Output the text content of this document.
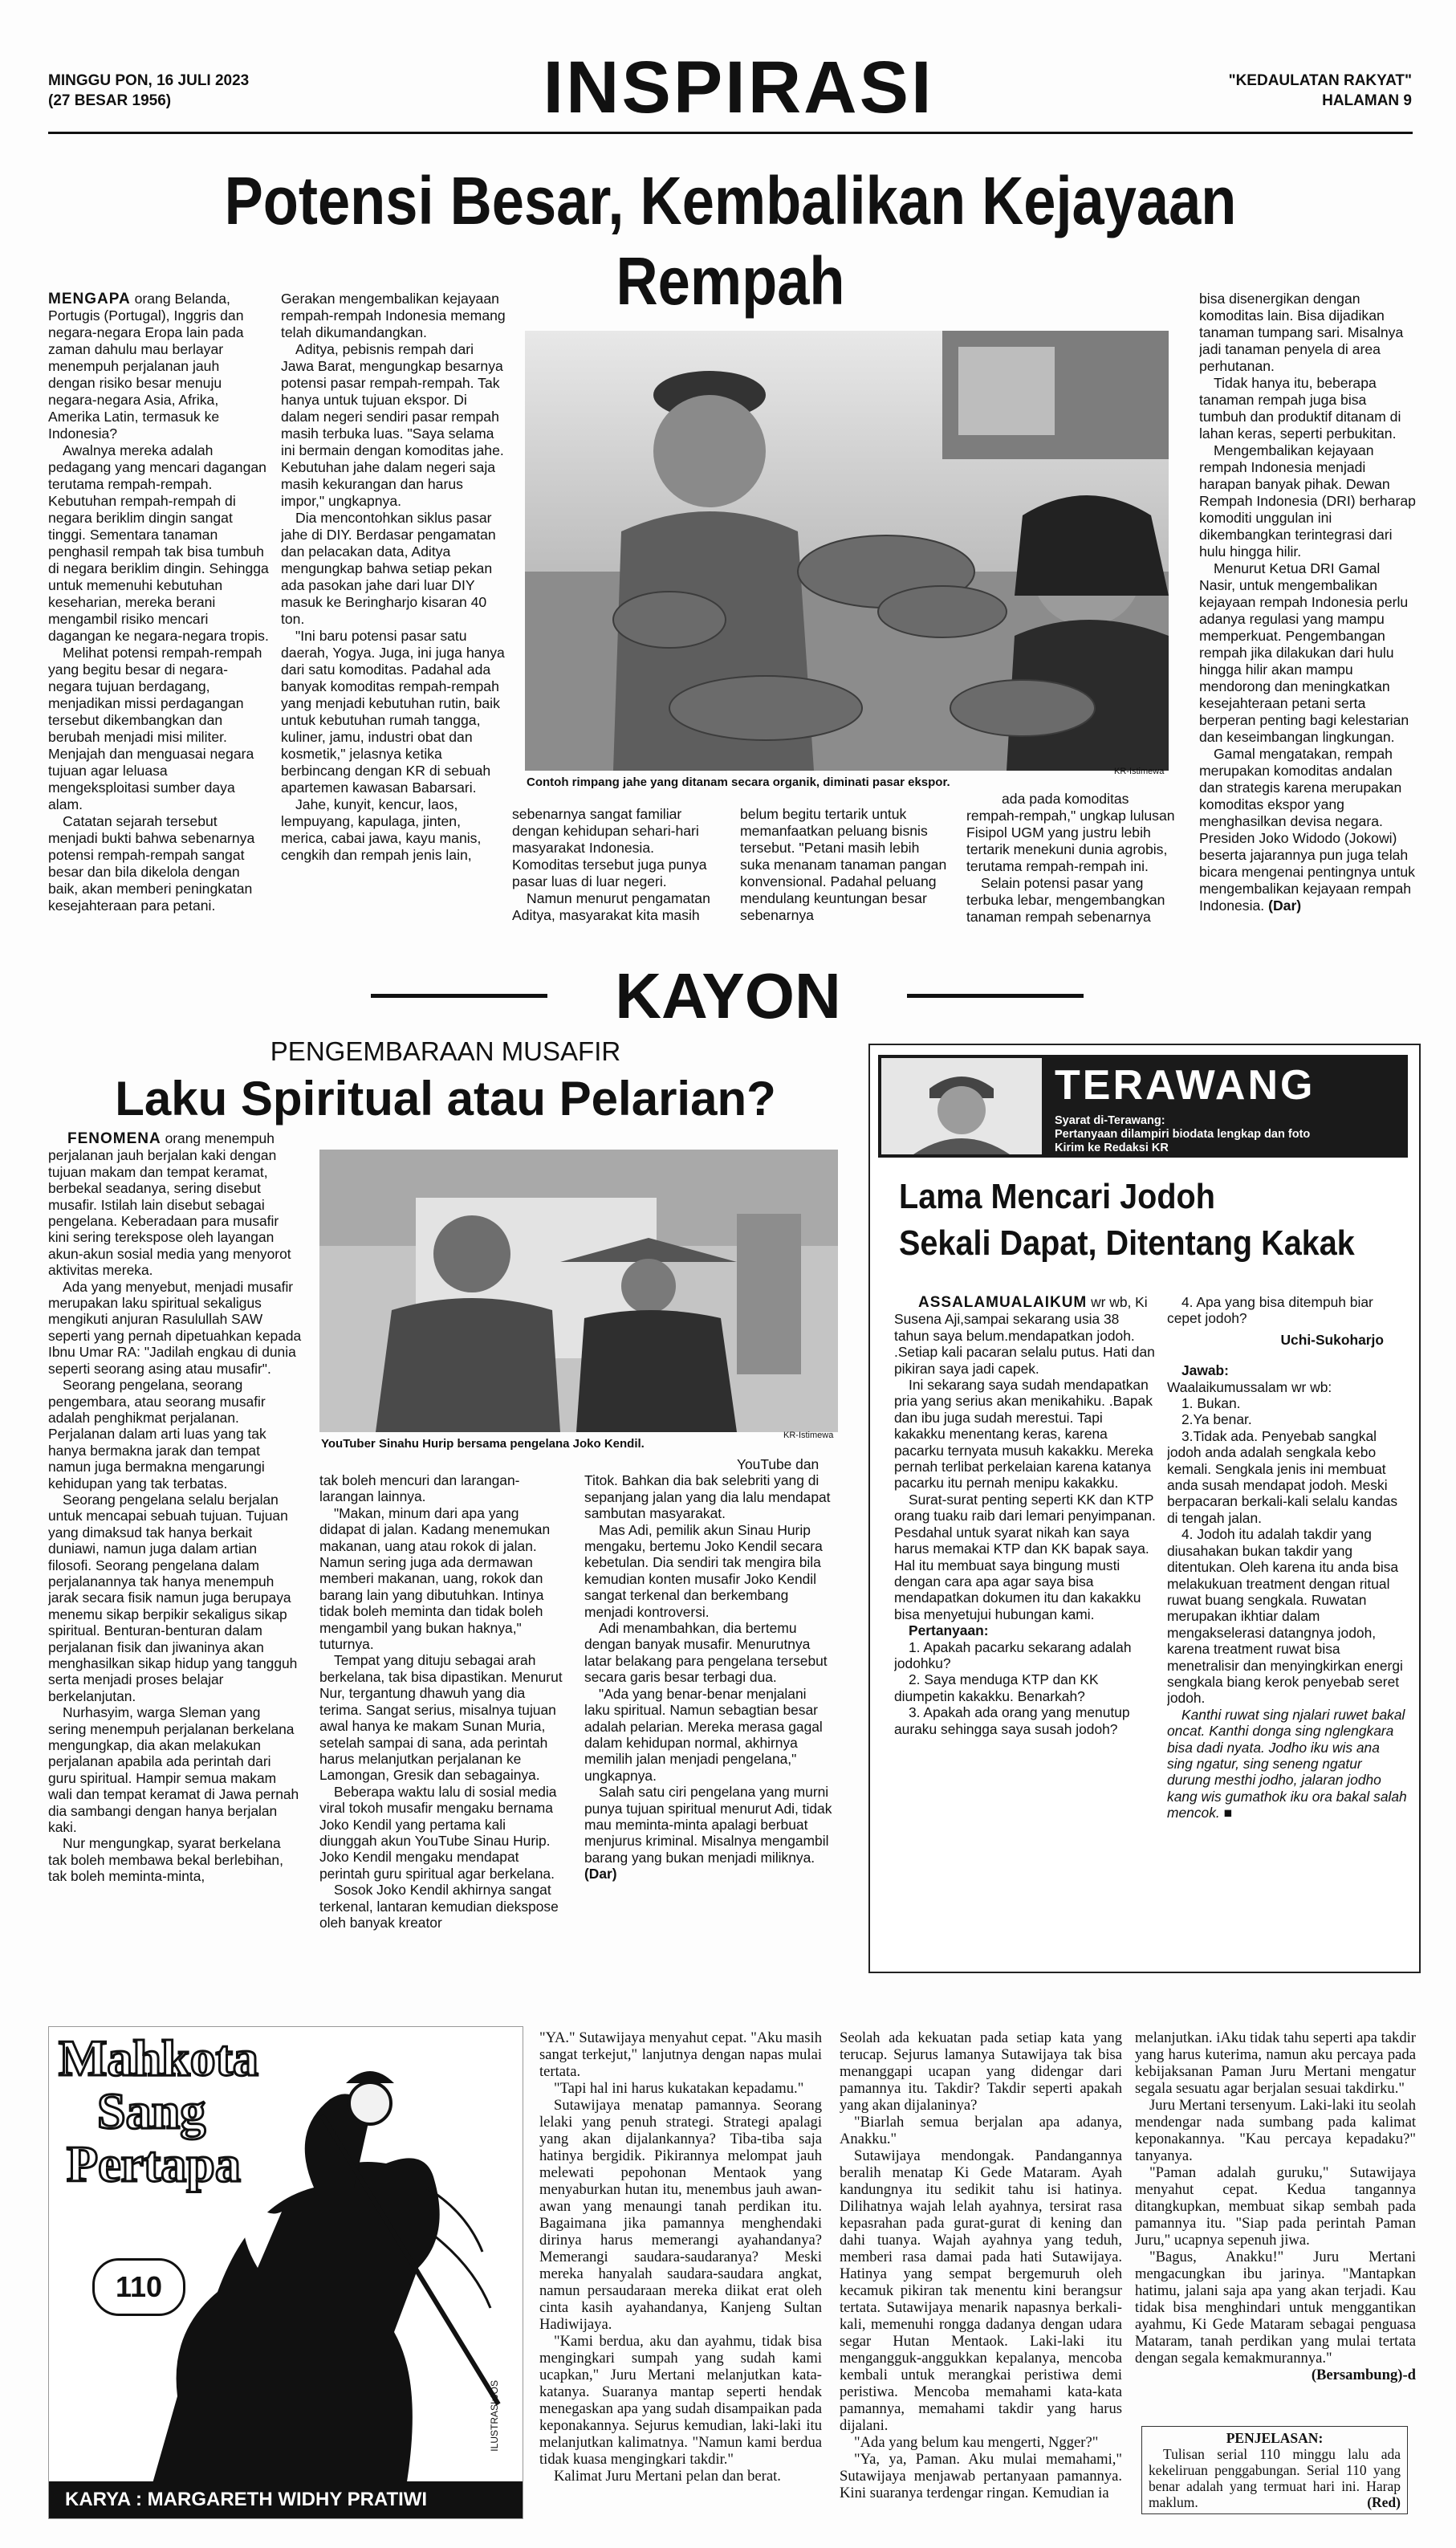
MINGGU PON, 16 JULI 2023
(27 BESAR 1956)	INSPIRASI	"KEDAULATAN RAKYAT"
HALAMAN 9
Potensi Besar, Kembalikan Kejayaan Rempah

MENGAPA orang Belanda, Portugis (Portugal), Inggris dan negara-negara Eropa lain pada zaman dahulu mau berlayar menempuh perjalanan jauh dengan risiko besar menuju negara-negara Asia, Afrika, Amerika Latin, termasuk ke Indonesia?

Awalnya mereka adalah pedagang yang mencari dagangan terutama rempah-rempah. Kebutuhan rempah-rempah di negara beriklim dingin sangat tinggi. Sementara tanaman penghasil rempah tak bisa tumbuh di negara beriklim dingin. Sehingga untuk memenuhi kebutuhan keseharian, mereka berani mengambil risiko mencari dagangan ke negara-negara tropis.

Melihat potensi rempah-rempah yang begitu besar di negara-negara tujuan berdagang, menjadikan missi perdagangan tersebut dikembangkan dan berubah menjadi misi militer. Menjajah dan menguasai negara tujuan agar leluasa mengeksploitasi sumber daya alam.

Catatan sejarah tersebut menjadi bukti bahwa sebenarnya potensi rempah-rempah sangat besar dan bila dikelola dengan baik, akan memberi peningkatan kesejahteraan para petani.

Gerakan mengembalikan kejayaan rempah-rempah Indonesia memang telah dikumandangkan.

Aditya, pebisnis rempah dari Jawa Barat, mengungkap besarnya potensi pasar rempah-rempah. Tak hanya untuk tujuan ekspor. Di dalam negeri sendiri pasar rempah masih terbuka luas. "Saya selama ini bermain dengan komoditas jahe. Kebutuhan jahe dalam negeri saja masih kekurangan dan harus impor," ungkapnya.

Dia mencontohkan siklus pasar jahe di DIY. Berdasar pengamatan dan pelacakan data, Aditya mengungkap bahwa setiap pekan ada pasokan jahe dari luar DIY masuk ke Beringharjo kisaran 40 ton.

"Ini baru potensi pasar satu daerah, Yogya. Juga, ini juga hanya dari satu komoditas. Padahal ada banyak komoditas rempah-rempah yang menjadi kebutuhan rutin, baik untuk kebutuhan rumah tangga, kuliner, jamu, industri obat dan kosmetik," jelasnya ketika berbincang dengan KR di sebuah apartemen kawasan Babarsari.

Jahe, kunyit, kencur, laos, lempuyang, kapulaga, jinten, merica, cabai jawa, kayu manis, cengkih dan rempah jenis lain,

Contoh rimpang jahe yang ditanam secara organik, diminati pasar ekspor.
KR-Istimewa

sebenarnya sangat familiar dengan kehidupan sehari-hari masyarakat Indonesia. Komoditas tersebut juga punya pasar luas di luar negeri.

Namun menurut pengamatan Aditya, masyarakat kita masih

belum begitu tertarik untuk memanfaatkan peluang bisnis tersebut. "Petani masih lebih suka menanam tanaman pangan konvensional. Padahal peluang mendulang keuntungan besar sebenarnya

ada pada komoditas rempah-rempah," ungkap lulusan Fisipol UGM yang justru lebih tertarik menekuni dunia agrobis, terutama rempah-rempah ini.

Selain potensi pasar yang terbuka lebar, mengembangkan tanaman rempah sebenarnya

bisa disenergikan dengan komoditas lain. Bisa dijadikan tanaman tumpang sari. Misalnya jadi tanaman penyela di area perhutanan.

Tidak hanya itu, beberapa tanaman rempah juga bisa tumbuh dan produktif ditanam di lahan keras, seperti perbukitan.

Mengembalikan kejayaan rempah Indonesia menjadi harapan banyak pihak. Dewan Rempah Indonesia (DRI) berharap komoditi unggulan ini dikembangkan terintegrasi dari hulu hingga hilir.

Menurut Ketua DRI Gamal Nasir, untuk mengembalikan kejayaan rempah Indonesia perlu adanya regulasi yang mampu memperkuat. Pengembangan rempah jika dilakukan dari hulu hingga hilir akan mampu mendorong dan meningkatkan kesejahteraan petani serta berperan penting bagi kelestarian dan keseimbangan lingkungan.

Gamal mengatakan, rempah merupakan komoditas andalan dan strategis karena merupakan komoditas ekspor yang menghasilkan devisa negara. Presiden Joko Widodo (Jokowi) beserta jajarannya pun juga telah bicara mengenai pentingnya untuk mengembalikan kejayaan rempah Indonesia. (Dar)

KAYON
PENGEMBARAAN MUSAFIR
Laku Spiritual atau Pelarian?

FENOMENA orang menempuh perjalanan jauh berjalan kaki dengan tujuan makam dan tempat keramat, berbekal seadanya, sering disebut musafir. Istilah lain disebut sebagai pengelana. Keberadaan para musafir kini sering terekspose oleh layangan akun-akun sosial media yang menyorot aktivitas mereka.

Ada yang menyebut, menjadi musafir merupakan laku spiritual sekaligus mengikuti anjuran Rasulullah SAW seperti yang pernah dipetuahkan kepada Ibnu Umar RA: "Jadilah engkau di dunia seperti seorang asing atau musafir".

Seorang pengelana, seorang pengembara, atau seorang musafir adalah penghikmat perjalanan. Perjalanan dalam arti luas yang tak hanya bermakna jarak dan tempat namun juga bermakna mengarungi kehidupan yang tak terbatas.

Seorang pengelana selalu berjalan untuk mencapai sebuah tujuan. Tujuan yang dimaksud tak hanya berkait duniawi, namun juga dalam artian filosofi. Seorang pengelana dalam perjalanannya tak hanya menempuh jarak secara fisik namun juga berupaya menemu sikap berpikir sekaligus sikap spiritual. Benturan-benturan dalam perjalanan fisik dan jiwaninya akan menghasilkan sikap hidup yang tangguh serta menjadi proses belajar berkelanjutan.

Nurhasyim, warga Sleman yang sering menempuh perjalanan berkelana mengungkap, dia akan melakukan perjalanan apabila ada perintah dari guru spiritual. Hampir semua makam wali dan tempat keramat di Jawa pernah dia sambangi dengan hanya berjalan kaki.

Nur mengungkap, syarat berkelana tak boleh membawa bekal berlebihan, tak boleh meminta-minta,

YouTuber Sinahu Hurip bersama pengelana Joko Kendil.
KR-Istimewa

tak boleh mencuri dan larangan-larangan lainnya.

"Makan, minum dari apa yang didapat di jalan. Kadang menemukan makanan, uang atau rokok di jalan. Namun sering juga ada dermawan memberi makanan, uang, rokok dan barang lain yang dibutuhkan. Intinya tidak boleh meminta dan tidak boleh mengambil yang bukan haknya," tuturnya.

Tempat yang dituju sebagai arah berkelana, tak bisa dipastikan. Menurut Nur, tergantung dhawuh yang dia terima. Sangat serius, misalnya tujuan awal hanya ke makam Sunan Muria, setelah sampai di sana, ada perintah harus melanjutkan perjalanan ke Lamongan, Gresik dan sebagainya.

Beberapa waktu lalu di sosial media viral tokoh musafir mengaku bernama Joko Kendil yang pertama kali diunggah akun YouTube Sinau Hurip. Joko Kendil mengaku mendapat perintah guru spiritual agar berkelana.

Sosok Joko Kendil akhirnya sangat terkenal, lantaran kemudian diekspose oleh banyak kreator

YouTube dan Titok. Bahkan dia bak selebriti yang di sepanjang jalan yang dia lalu mendapat sambutan masyarakat.

Mas Adi, pemilik akun Sinau Hurip mengaku, bertemu Joko Kendil secara kebetulan. Dia sendiri tak mengira bila kemudian konten musafir Joko Kendil sangat terkenal dan berkembang menjadi kontroversi.

Adi menambahkan, dia bertemu dengan banyak musafir. Menurutnya latar belakang para pengelana tersebut secara garis besar terbagi dua.

"Ada yang benar-benar menjalani laku spiritual. Namun sebagtian besar adalah pelarian. Mereka merasa gagal dalam kehidupan normal, akhirnya memilih jalan menjadi pengelana," ungkapnya.

Salah satu ciri pengelana yang murni punya tujuan spiritual menurut Adi, tidak mau meminta-minta apalagi berbuat menjurus kriminal. Misalnya mengambil barang yang bukan menjadi miliknya. (Dar)

TERAWANG
Syarat di-Terawang:
Pertanyaan dilampiri biodata lengkap dan foto
Kirim ke Redaksi KR
Lama Mencari Jodoh
Sekali Dapat, Ditentang Kakak

ASSALAMUALAIKUM wr wb, Ki Susena Aji,sampai sekarang usia 38 tahun saya belum.mendapatkan jodoh. .Setiap kali pacaran selalu putus. Hati dan pikiran saya jadi capek.

Ini sekarang saya sudah mendapatkan pria yang serius akan menikahiku. .Bapak dan ibu juga sudah merestui. Tapi kakakku menentang keras, karena pacarku ternyata musuh kakakku. Mereka pernah terlibat perkelaian karena katanya pacarku itu pernah menipu kakakku.

Surat-surat penting seperti KK dan KTP orang tuaku raib dari lemari penyimpanan. Pesdahal untuk syarat nikah kan saya harus memakai KTP dan KK bapak saya. Hal itu membuat saya bingung musti dengan cara apa agar saya bisa mendapatkan dokumen itu dan kakakku bisa menyetujui hubungan kami.

Pertanyaan:

1. Apakah pacarku sekarang adalah jodohku?

2. Saya menduga KTP dan KK diumpetin kakakku. Benarkah?

3. Apakah ada orang yang menutup auraku sehingga saya susah jodoh?

4. Apa yang bisa ditempuh biar cepet jodoh?

Uchi-Sukoharjo

Jawab:

Waalaikumussalam wr wb:

1. Bukan.

2.Ya benar.

3.Tidak ada. Penyebab sangkal jodoh anda adalah sengkala kebo kemali. Sengkala jenis ini membuat anda susah mendapat jodoh. Meski berpacaran berkali-kali selalu kandas di tengah jalan.

4. Jodoh itu adalah takdir yang diusahakan bukan takdir yang ditentukan. Oleh karena itu anda bisa melakukuan treatment dengan ritual ruwat buang sengkala. Ruwatan merupakan ikhtiar dalam mengakselerasi datangnya jodoh, karena treatment ruwat bisa menetralisir dan menyingkirkan energi sengkala biang kerok penyebab seret jodoh.

Kanthi ruwat sing njalari ruwet bakal oncat. Kanthi donga sing nglengkara bisa dadi nyata. Jodho iku wis ana sing ngatur, sing seneng ngatur durung mesthi jodho, jalaran jodho kang wis gumathok iku ora bakal salah mencok. ■

Mahkota
Sang
Pertapa
110
ILUSTRASI:JOS
KARYA : MARGARETH WIDHY PRATIWI

"YA." Sutawijaya menyahut cepat. "Aku masih sangat terkejut," lanjutnya dengan napas mulai tertata.

"Tapi hal ini harus kukatakan kepadamu."

Sutawijaya menatap pamannya. Seorang lelaki yang penuh strategi. Strategi apalagi yang akan dijalankannya? Tiba-tiba saja hatinya bergidik. Pikirannya melompat jauh melewati pepohonan Mentaok yang menyaburkan hutan itu, menembus jauh awan-awan yang menaungi tanah perdikan itu. Bagaimana jika pamannya menghendaki dirinya harus memerangi ayahandanya? Memerangi saudara-saudaranya? Meski mereka hanyalah saudara-saudara angkat, namun persaudaraan mereka diikat erat oleh cinta kasih ayahandanya, Kanjeng Sultan Hadiwijaya.

"Kami berdua, aku dan ayahmu, tidak bisa mengingkari sumpah yang sudah kami ucapkan," Juru Mertani melanjutkan kata-katanya. Suaranya mantap seperti hendak menegaskan apa yang sudah disampaikan pada keponakannya. Sejurus kemudian, laki-laki itu melanjutkan kalimatnya. "Namun kami berdua tidak kuasa mengingkari takdir."

Kalimat Juru Mertani pelan dan berat.

Seolah ada kekuatan pada setiap kata yang terucap. Sejurus lamanya Sutawijaya tak bisa menanggapi ucapan yang didengar dari pamannya itu. Takdir? Takdir seperti apakah yang akan dijalaninya?

"Biarlah semua berjalan apa adanya, Anakku."

Sutawijaya mendongak. Pandangannya beralih menatap Ki Gede Mataram. Ayah kandungnya itu sedikit tahu isi hatinya. Dilihatnya wajah lelah ayahnya, tersirat rasa kepasrahan pada gurat-gurat di kening dan dahi tuanya. Wajah ayahnya yang teduh, memberi rasa damai pada hati Sutawijaya. Hatinya yang sempat bergemuruh oleh kecamuk pikiran tak menentu kini berangsur tertata. Sutawijaya menarik napasnya berkali-kali, memenuhi rongga dadanya dengan udara segar Hutan Mentaok. Laki-laki itu mengangguk-anggukkan kepalanya, mencoba kembali untuk merangkai peristiwa demi peristiwa. Mencoba memahami kata-kata pamannya, memahami takdir yang harus dijalani.

"Ada yang belum kau mengerti, Ngger?"

"Ya, ya, Paman. Aku mulai memahami," Sutawijaya menjawab pertanyaan pamannya. Kini suaranya terdengar ringan. Kemudian ia

melanjutkan. iAku tidak tahu seperti apa takdir yang harus kuterima, namun aku percaya pada kebijaksanan Paman Juru Mertani mengatur segala sesuatu agar berjalan sesuai takdirku."

Juru Mertani tersenyum. Laki-laki itu seolah mendengar nada sumbang pada kalimat keponakannya. "Kau percaya kepadaku?" tanyanya.

"Paman adalah guruku," Sutawijaya menyahut cepat. Kedua tangannya ditangkupkan, membuat sikap sembah pada pamannya itu. "Siap pada perintah Paman Juru," ucapnya sepenuh jiwa.

"Bagus, Anakku!" Juru Mertani mengacungkan ibu jarinya. "Mantapkan hatimu, jalani saja apa yang akan terjadi. Kau tidak bisa menghindari untuk menggantikan ayahmu, Ki Gede Mataram sebagai penguasa Mataram, tanah perdikan yang mulai tertata dengan segala kemakmurannya."

(Bersambung)-d

PENJELASAN:
Tulisan serial 110 minggu lalu ada kekeliruan penggabungan. Serial 110 yang benar adalah yang termuat hari ini. Harap maklum.	(Red)
